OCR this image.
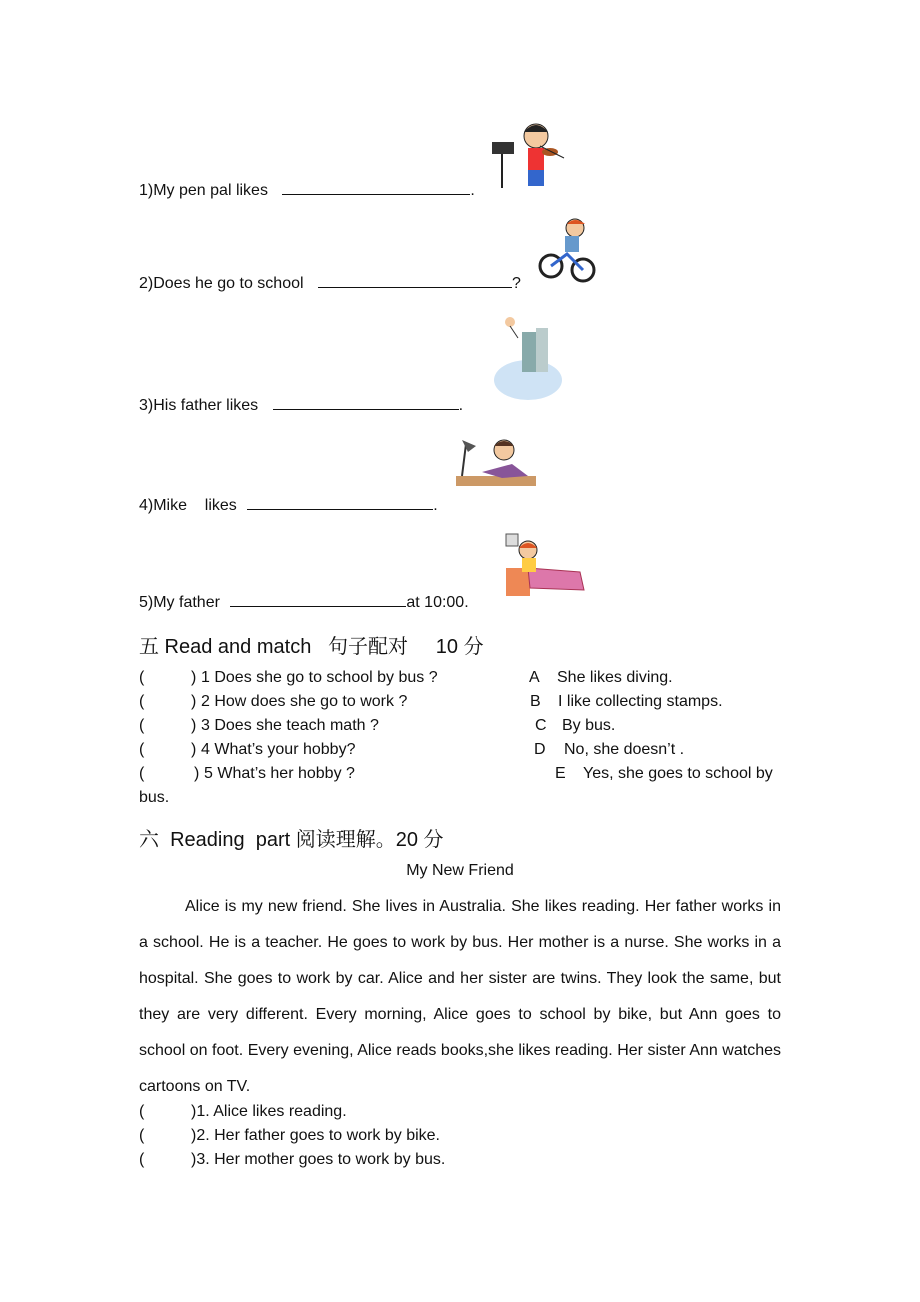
1)My pen pal likes	.
2)Does he go to school	?
3)His father likes	.
4)Mike    likes	.
5)My father	at 10:00.
五 Read and match   句子配对     10 分
(	) 1 Does she go to school by bus ?	A She likes diving.
(	) 2 How does she go to work ?	B I like collecting stamps.
(	) 3 Does she teach math ?	C By bus.
(	) 4 What’s your hobby?	D No, she doesn’t .
(	) 5 What’s her hobby ?	E Yes, she goes to school by
bus.
六  Reading  part 阅读理解。20 分
My New Friend
Alice is my new friend. She lives in Australia. She likes reading. Her father works in a school. He is a teacher. He goes to work by bus. Her mother is a nurse. She works in a hospital. She goes to work by car. Alice and her sister are twins. They look the same, but they are very different. Every morning, Alice goes to school by bike, but Ann goes to school on foot. Every evening, Alice reads books,she likes reading. Her sister Ann watches cartoons on TV.
(	)1. Alice likes reading.
(	)2. Her father goes to work by bike.
(	)3. Her mother goes to work by bus.
